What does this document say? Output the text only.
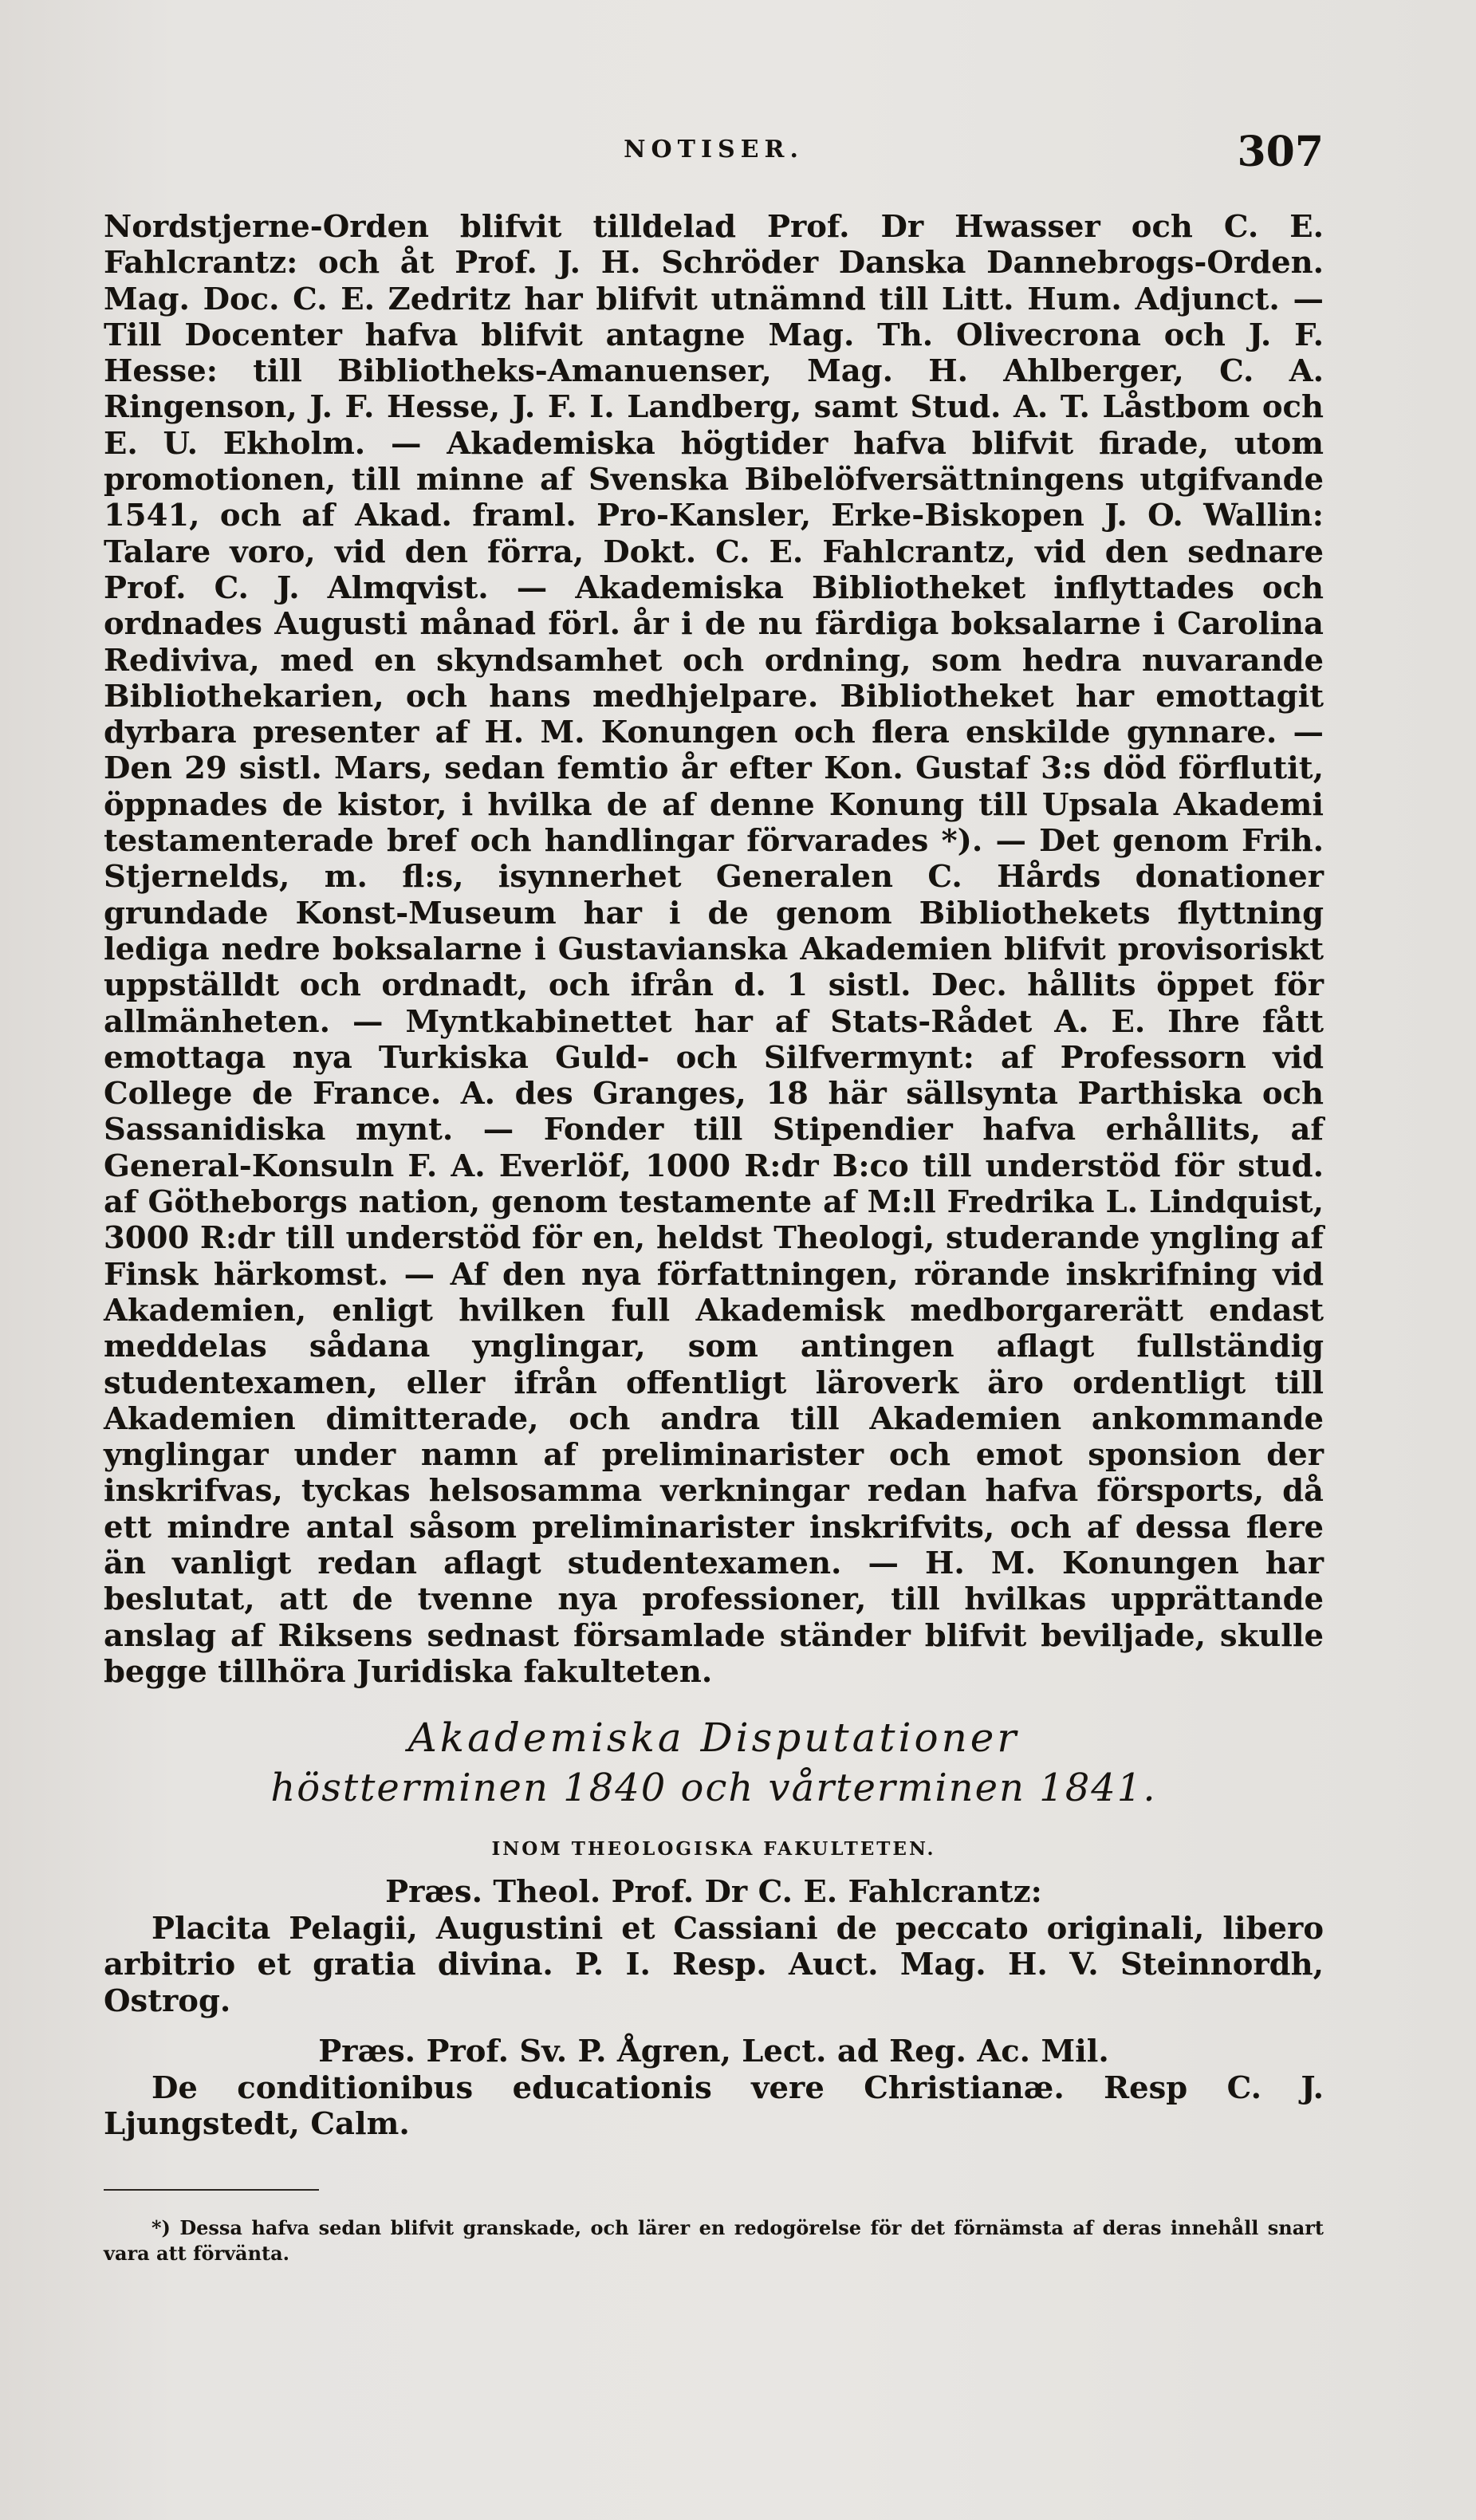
NOTISER.	307

Nordstjerne-Orden blifvit tilldelad Prof. Dr Hwasser och C. E. Fahlcrantz: och åt Prof. J. H. Schröder Danska Dannebrogs-Orden. Mag. Doc. C. E. Zedritz har blifvit utnämnd till Litt. Hum. Adjunct. — Till Docenter hafva blifvit antagne Mag. Th. Olivecrona och J. F. Hesse: till Bibliotheks-Amanuenser, Mag. H. Ahlberger, C. A. Ringenson, J. F. Hesse, J. F. I. Landberg, samt Stud. A. T. Låstbom och E. U. Ekholm. — Akademiska högtider hafva blifvit firade, utom promotionen, till minne af Svenska Bibelöfversättningens utgifvande 1541, och af Akad. framl. Pro-Kansler, Erke-Biskopen J. O. Wallin: Talare voro, vid den förra, Dokt. C. E. Fahlcrantz, vid den sednare Prof. C. J. Almqvist. — Akademiska Bibliotheket inflyttades och ordnades Augusti månad förl. år i de nu färdiga boksalarne i Carolina Rediviva, med en skyndsamhet och ordning, som hedra nuvarande Bibliothekarien, och hans medhjelpare. Bibliotheket har emottagit dyrbara presenter af H. M. Konungen och flera enskilde gynnare. — Den 29 sistl. Mars, sedan femtio år efter Kon. Gustaf 3:s död förflutit, öppnades de kistor, i hvilka de af denne Konung till Upsala Akademi testamenterade bref och handlingar förvarades *). — Det genom Frih. Stjernelds, m. fl:s, isynnerhet Generalen C. Hårds donationer grundade Konst-Museum har i de genom Bibliothekets flyttning lediga nedre boksalarne i Gustavianska Akademien blifvit provisoriskt uppställdt och ordnadt, och ifrån d. 1 sistl. Dec. hållits öppet för allmänheten. — Myntkabinettet har af Stats-Rådet A. E. Ihre fått emottaga nya Turkiska Guld- och Silfvermynt: af Professorn vid College de France. A. des Granges, 18 här sällsynta Parthiska och Sassanidiska mynt. — Fonder till Stipendier hafva erhållits, af General-Konsuln F. A. Everlöf, 1000 R:dr B:co till understöd för stud. af Götheborgs nation, genom testamente af M:ll Fredrika L. Lindquist, 3000 R:dr till understöd för en, heldst Theologi, studerande yngling af Finsk härkomst. — Af den nya författningen, rörande inskrifning vid Akademien, enligt hvilken full Akademisk medborgarerätt endast meddelas sådana ynglingar, som antingen aflagt fullständig studentexamen, eller ifrån offentligt läroverk äro ordentligt till Akademien dimitterade, och andra till Akademien ankommande ynglingar under namn af preliminarister och emot sponsion der inskrifvas, tyckas helsosamma verkningar redan hafva försports, då ett mindre antal såsom preliminarister inskrifvits, och af dessa flere än vanligt redan aflagt studentexamen. — H. M. Konungen har beslutat, att de tvenne nya professioner, till hvilkas upprättande anslag af Riksens sednast församlade ständer blifvit beviljade, skulle begge tillhöra Juridiska fakulteten.

Akademiska Disputationer
höstterminen 1840 och vårterminen 1841.
INOM THEOLOGISKA FAKULTETEN.
Præs. Theol. Prof. Dr C. E. Fahlcrantz:
Placita Pelagii, Augustini et Cassiani de peccato originali, libero arbitrio et gratia divina. P. I. Resp. Auct. Mag. H. V. Steinnordh, Ostrog.
Præs. Prof. Sv. P. Ågren, Lect. ad Reg. Ac. Mil.
De conditionibus educationis vere Christianæ. Resp C. J. Ljungstedt, Calm.
*) Dessa hafva sedan blifvit granskade, och lärer en redogörelse för det förnämsta af deras innehåll snart vara att förvänta.
